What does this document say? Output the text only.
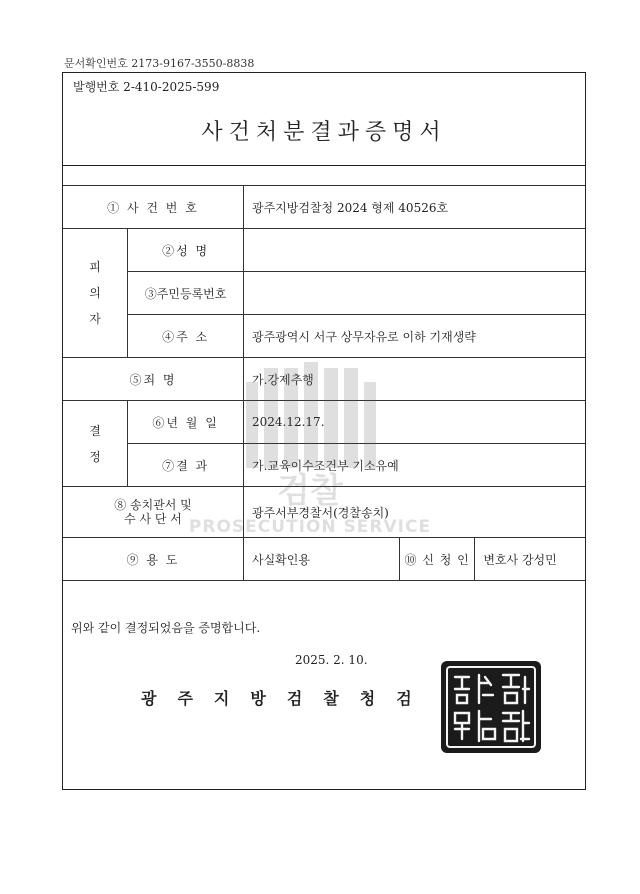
문서확인번호 2173-9167-3550-8838
발행번호 2-410-2025-599
사건처분결과증명서
① 사 건 번 호		광주지방검찰청 2024 형제 40526호		

피
의
자	②성 명			
	③주민등록번호			
	④주 소	광주광역시 서구 상무자유로 이하 기재생략		
⑤죄 명		가.강제추행		

결
정	⑥년 월 일	2024.12.17.		
	⑦결 과	가.교육이수조건부 기소유예		

⑧ 송치관서 및
수 사 단 서		광주서부경찰서(경찰송치)		
⑨ 용 도		사실확인용	⑩ 신 청 인	변호사 강성민
위와 같이 결정되었음을 증명합니다.
2025. 2. 10.
광주지방검찰청검
검찰
PROSECUTION SERVICE
